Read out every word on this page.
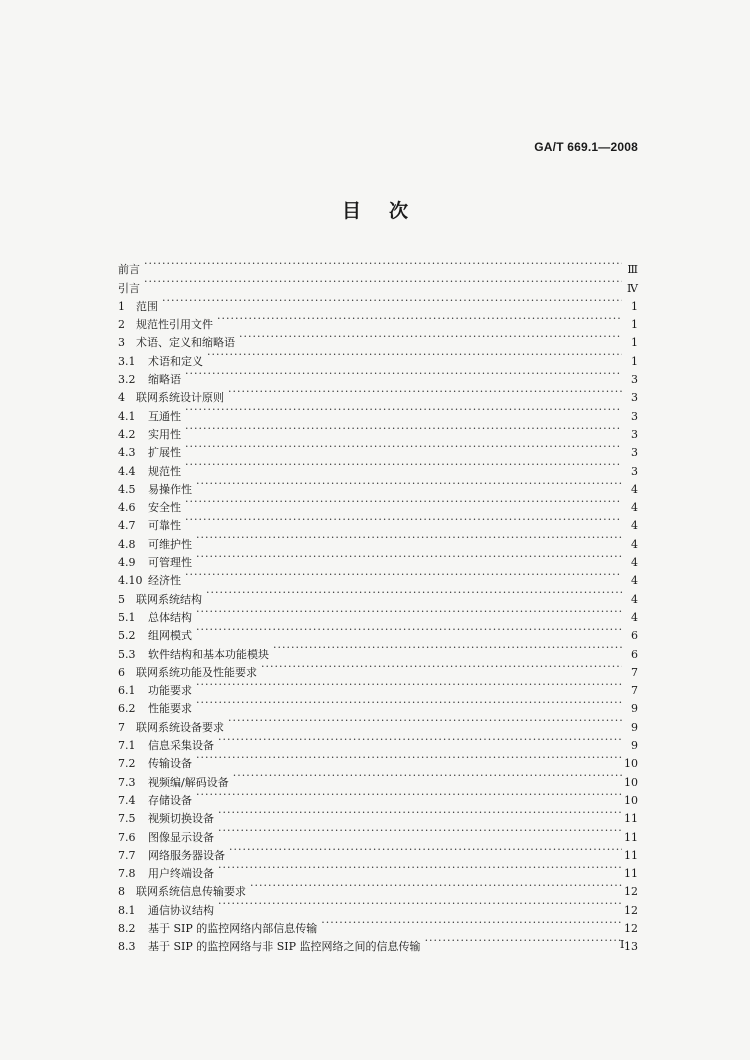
GA/T 669.1—2008
目次
前言 ·····	Ⅲ
引言 ·····	Ⅳ
1	范围 ·····	1
2	规范性引用文件 ·····	1
3	术语、定义和缩略语 ·····	1
3.1	术语和定义 ·····	1
3.2	缩略语 ·····	3
4	联网系统设计原则 ·····	3
4.1	互通性 ·····	3
4.2	实用性 ·····	3
4.3	扩展性 ·····	3
4.4	规范性 ·····	3
4.5	易操作性 ·····	4
4.6	安全性 ·····	4
4.7	可靠性 ·····	4
4.8	可维护性 ·····	4
4.9	可管理性 ·····	4
4.10 经济性 ·····	4
5	联网系统结构 ·····	4
5.1	总体结构 ·····	4
5.2	组网模式 ·····	6
5.3	软件结构和基本功能模块 ·····	6
6	联网系统功能及性能要求 ·····	7
6.1	功能要求 ·····	7
6.2	性能要求 ·····	9
7	联网系统设备要求 ·····	9
7.1	信息采集设备 ·····	9
7.2	传输设备 ·····	10
7.3	视频编/解码设备 ·····	10
7.4	存储设备 ·····	10
7.5	视频切换设备 ·····	11
7.6	图像显示设备 ·····	11
7.7	网络服务器设备 ·····	11
7.8	用户终端设备 ·····	11
8	联网系统信息传输要求 ·····	12
8.1	通信协议结构 ·····	12
8.2	基于 SIP 的监控网络内部信息传输 ·····	12
8.3	基于 SIP 的监控网络与非 SIP 监控网络之间的信息传输 ·····	13
Ⅰ
